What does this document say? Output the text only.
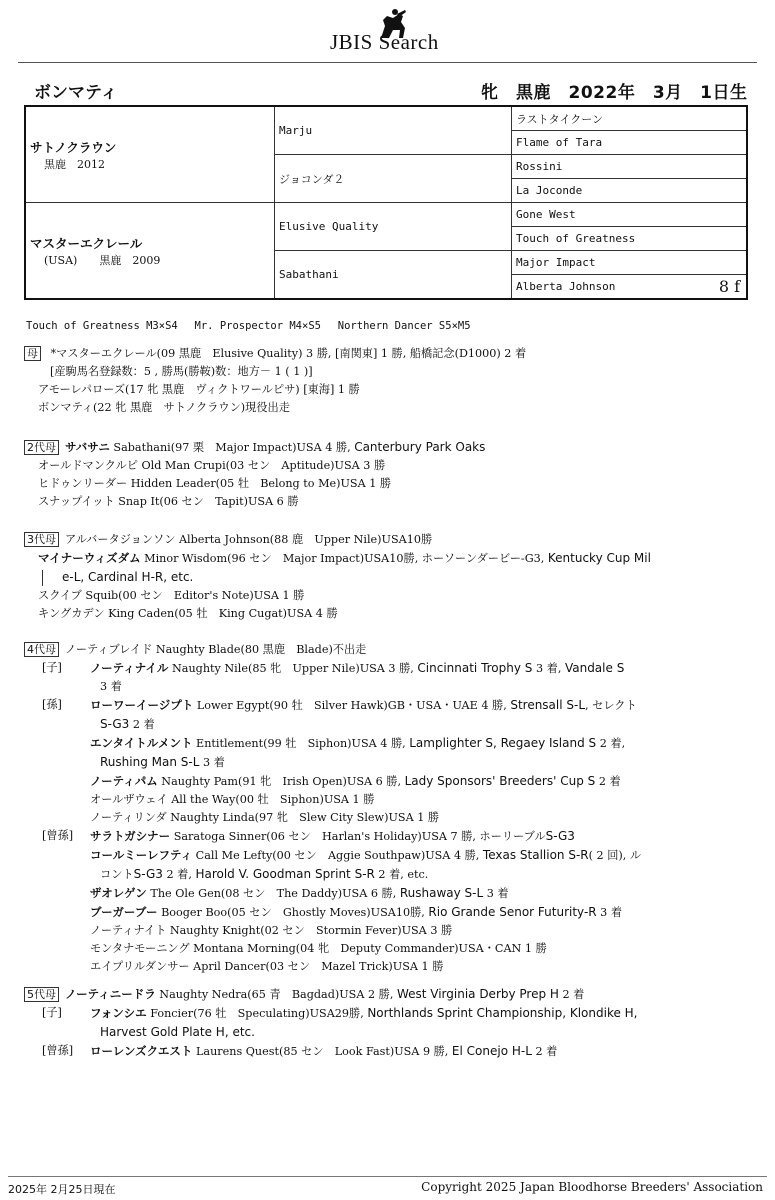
JBIS Search
ボンマティ	牝　黒鹿　2022年　3月　1日生
サトノクラウン
黒鹿　2012	Marju	ラストタイクーン
		Flame of Tara
	ジョコンダ２	Rossini
		La Joconde

マスターエクレール
(USA)　　黒鹿　2009	Elusive Quality	Gone West
		Touch of Greatness
	Sabathani	Major Impact
		Alberta Johnson 8 f
Touch of Greatness M3×S4　 Mr. Prospector M4×S5　 Northern Dancer S5×M5
母 *マスターエクレール(09 黒鹿　Elusive Quality) 3 勝, [南関東] 1 勝, 船橋記念(D1000) 2 着
[産駒馬名登録数：5 , 勝馬(勝鞍)数：地方－ 1 ( 1 )]
アモーレパローズ(17 牝 黒鹿　ヴィクトワールピサ) [東海] 1 勝
ボンマティ(22 牝 黒鹿　サトノクラウン)現役出走
2代母 サバサニ Sabathani(97 栗　Major Impact)USA 4 勝, Canterbury Park Oaks
オールドマンクルピ Old Man Crupi(03 セン　Aptitude)USA 3 勝
ヒドゥンリーダー Hidden Leader(05 牡　Belong to Me)USA 1 勝
スナップイット Snap It(06 セン　Tapit)USA 6 勝
3代母 アルバータジョンソン Alberta Johnson(88 鹿　Upper Nile)USA10勝
マイナーウィズダム Minor Wisdom(96 セン　Major Impact)USA10勝, ホーソーンダービー-G3, Kentucky Cup Mil
e-L, Cardinal H-R, etc.
スクイブ Squib(00 セン　Editor's Note)USA 1 勝
キングカデン King Caden(05 牡　King Cugat)USA 4 勝
4代母 ノーティブレイド Naughty Blade(80 黒鹿　Blade)不出走
[子] ノーティナイル Naughty Nile(85 牝　Upper Nile)USA 3 勝, Cincinnati Trophy S 3 着, Vandale S
3 着
[孫] ローワーイージプト Lower Egypt(90 牡　Silver Hawk)GB・USA・UAE 4 勝, Strensall S-L, セレクト
S-G3 2 着
エンタイトルメント Entitlement(99 牡　Siphon)USA 4 勝, Lamplighter S, Regaey Island S 2 着,
Rushing Man S-L 3 着
ノーティパム Naughty Pam(91 牝　Irish Open)USA 6 勝, Lady Sponsors' Breeders' Cup S 2 着
オールザウェイ All the Way(00 牡　Siphon)USA 1 勝
ノーティリンダ Naughty Linda(97 牝　Slew City Slew)USA 1 勝
[曾孫] サラトガシナー Saratoga Sinner(06 セン　Harlan's Holiday)USA 7 勝, ホーリーブルS-G3
コールミーレフティ Call Me Lefty(00 セン　Aggie Southpaw)USA 4 勝, Texas Stallion S-R( 2 回), ル
コントS-G3 2 着, Harold V. Goodman Sprint S-R 2 着, etc.
ザオレゲン The Ole Gen(08 セン　The Daddy)USA 6 勝, Rushaway S-L 3 着
ブーガーブー Booger Boo(05 セン　Ghostly Moves)USA10勝, Rio Grande Senor Futurity-R 3 着
ノーティナイト Naughty Knight(02 セン　Stormin Fever)USA 3 勝
モンタナモーニング Montana Morning(04 牝　Deputy Commander)USA・CAN 1 勝
エイプリルダンサー April Dancer(03 セン　Mazel Trick)USA 1 勝
5代母 ノーティニードラ Naughty Nedra(65 青　Bagdad)USA 2 勝, West Virginia Derby Prep H 2 着
[子] フォンシエ Foncier(76 牡　Speculating)USA29勝, Northlands Sprint Championship, Klondike H,
Harvest Gold Plate H, etc.
[曾孫] ローレンズクエスト Laurens Quest(85 セン　Look Fast)USA 9 勝, El Conejo H-L 2 着
2025年 2月25日現在	Copyright 2025 Japan Bloodhorse Breeders' Association
